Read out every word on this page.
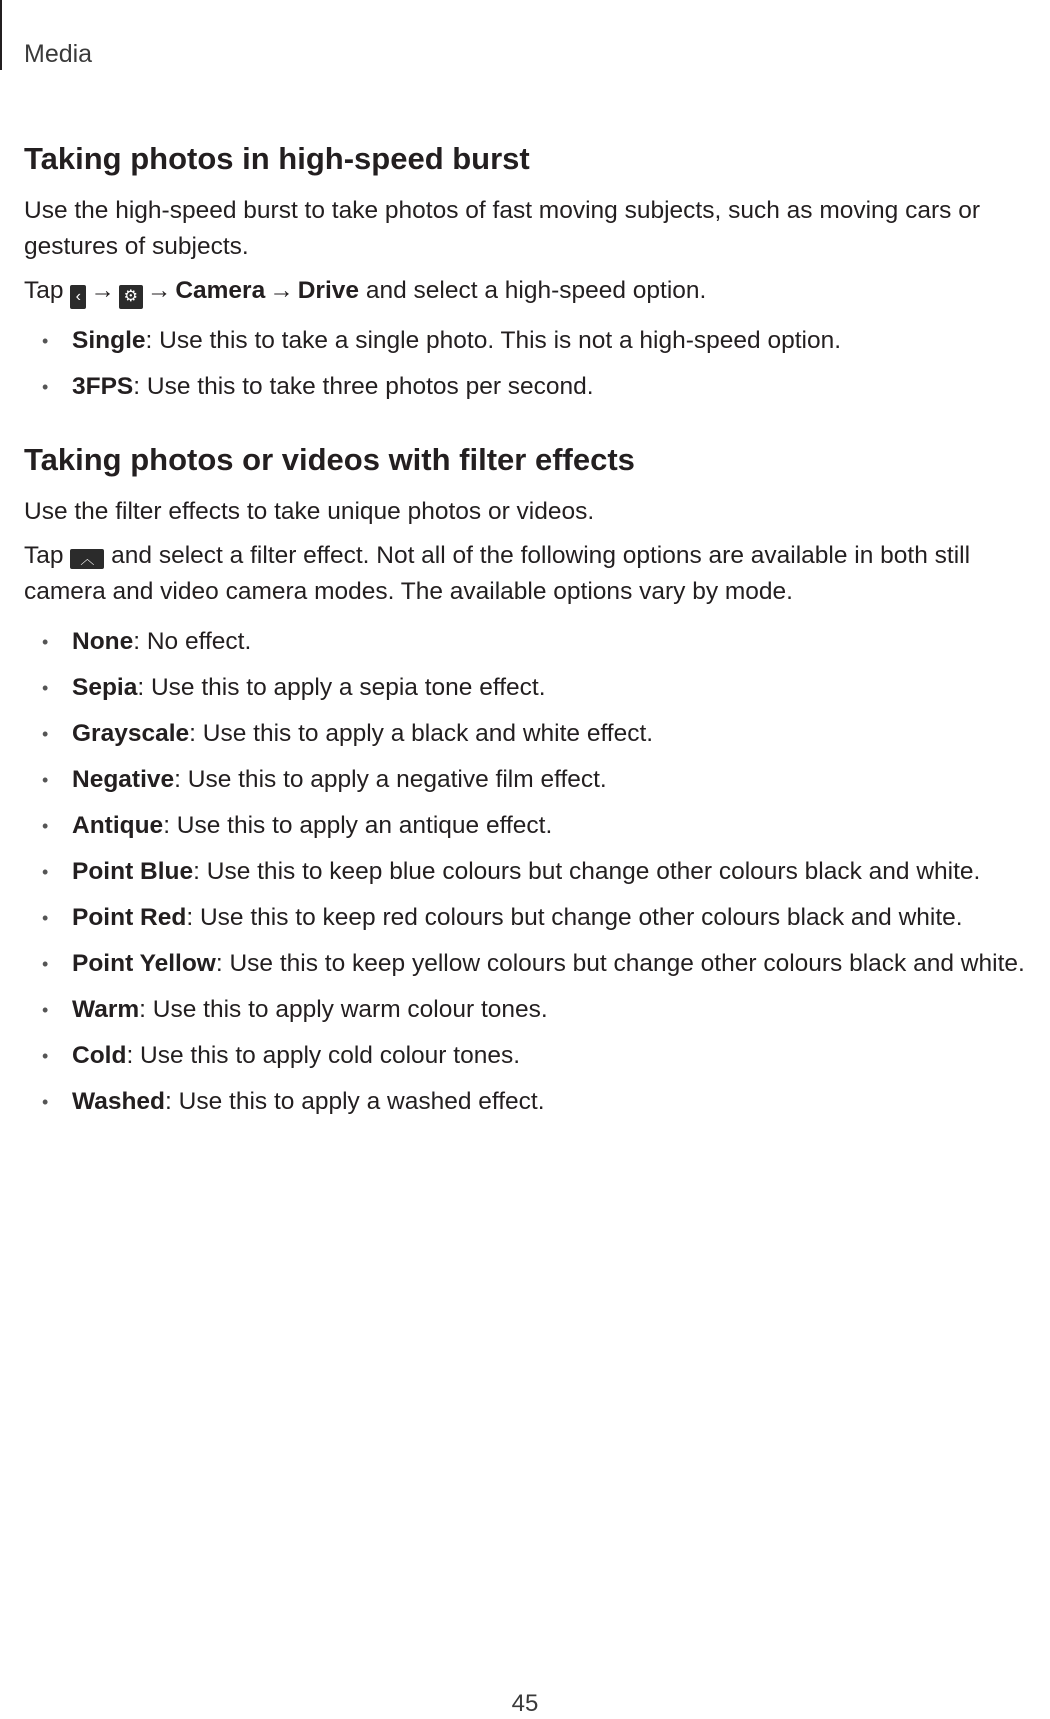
Media
Taking photos in high-speed burst

Use the high-speed burst to take photos of fast moving subjects, such as moving cars or gestures of subjects.

Tap ‹ → ⚙ → Camera → Drive and select a high-speed option.

• Single: Use this to take a single photo. This is not a high-speed option.
• 3FPS: Use this to take three photos per second.
Taking photos or videos with filter effects

Use the filter effects to take unique photos or videos.

Tap ︿ and select a filter effect. Not all of the following options are available in both still camera and video camera modes. The available options vary by mode.

• None: No effect.
• Sepia: Use this to apply a sepia tone effect.
• Grayscale: Use this to apply a black and white effect.
• Negative: Use this to apply a negative film effect.
• Antique: Use this to apply an antique effect.
• Point Blue: Use this to keep blue colours but change other colours black and white.
• Point Red: Use this to keep red colours but change other colours black and white.
• Point Yellow: Use this to keep yellow colours but change other colours black and white.
• Warm: Use this to apply warm colour tones.
• Cold: Use this to apply cold colour tones.
• Washed: Use this to apply a washed effect.
45
